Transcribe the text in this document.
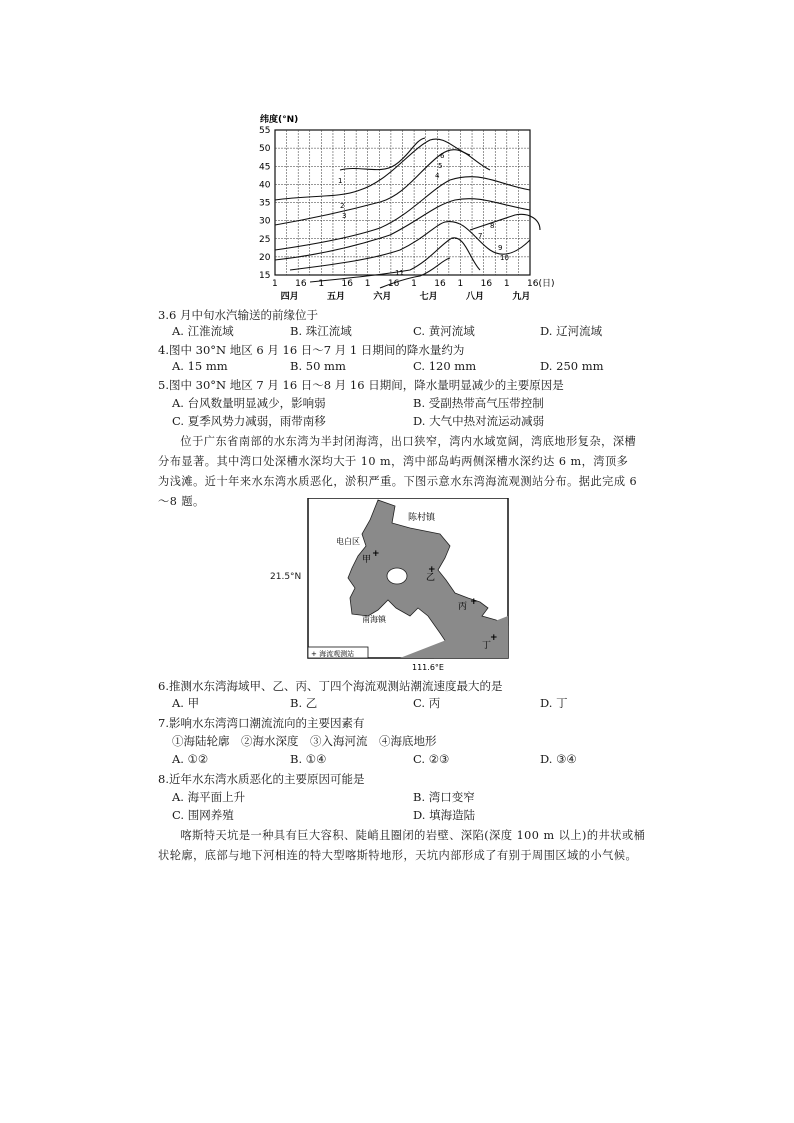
纬度(°N)
1
2
3
4
5
6
7
8
9
10
11
55
50
45
40
35
30
25
20
15
1 16 1 16 1 16 1 16 1 16 1 16(日)
四月	五月	六月	七月	八月	九月
3.6 月中旬水汽输送的前缘位于
A. 江淮流域	B. 珠江流域	C. 黄河流域	D. 辽河流域
4.图中 30°N 地区 6 月 16 日～7 月 1 日期间的降水量约为
A. 15 mm	B. 50 mm	C. 120 mm	D. 250 mm
5.图中 30°N 地区 7 月 16 日～8 月 16 日期间，降水量明显减少的主要原因是
A. 台风数量明显减少，影响弱	B. 受副热带高气压带控制
C. 夏季风势力减弱，雨带南移	D. 大气中热对流运动减弱
位于广东省南部的水东湾为半封闭海湾，出口狭窄，湾内水域宽阔，湾底地形复杂，深槽分布显著。其中湾口处深槽水深均大于 10 m，湾中部岛屿两侧深槽水深约达 6 m，湾顶多为浅滩。近十年来水东湾水质恶化，淤积严重。下图示意水东湾海流观测站分布。据此完成 6～8 题。
陈村镇
电白区
甲
乙
丙
丁
南海镇
+
+
+
+
+ 海流观测站
111.6°E
21.5°N
6.推测水东湾海域甲、乙、丙、丁四个海流观测站潮流速度最大的是
A. 甲	B. 乙	C. 丙	D. 丁
7.影响水东湾湾口潮流流向的主要因素有
①海陆轮廓　②海水深度　③入海河流　④海底地形
A. ①②	B. ①④	C. ②③	D. ③④
8.近年水东湾水质恶化的主要原因可能是
A. 海平面上升	B. 湾口变窄
C. 围网养殖	D. 填海造陆
喀斯特天坑是一种具有巨大容积、陡峭且圈闭的岩壁、深陷(深度 100 m 以上)的井状或桶状轮廓，底部与地下河相连的特大型喀斯特地形，天坑内部形成了有别于周围区域的小气候。
